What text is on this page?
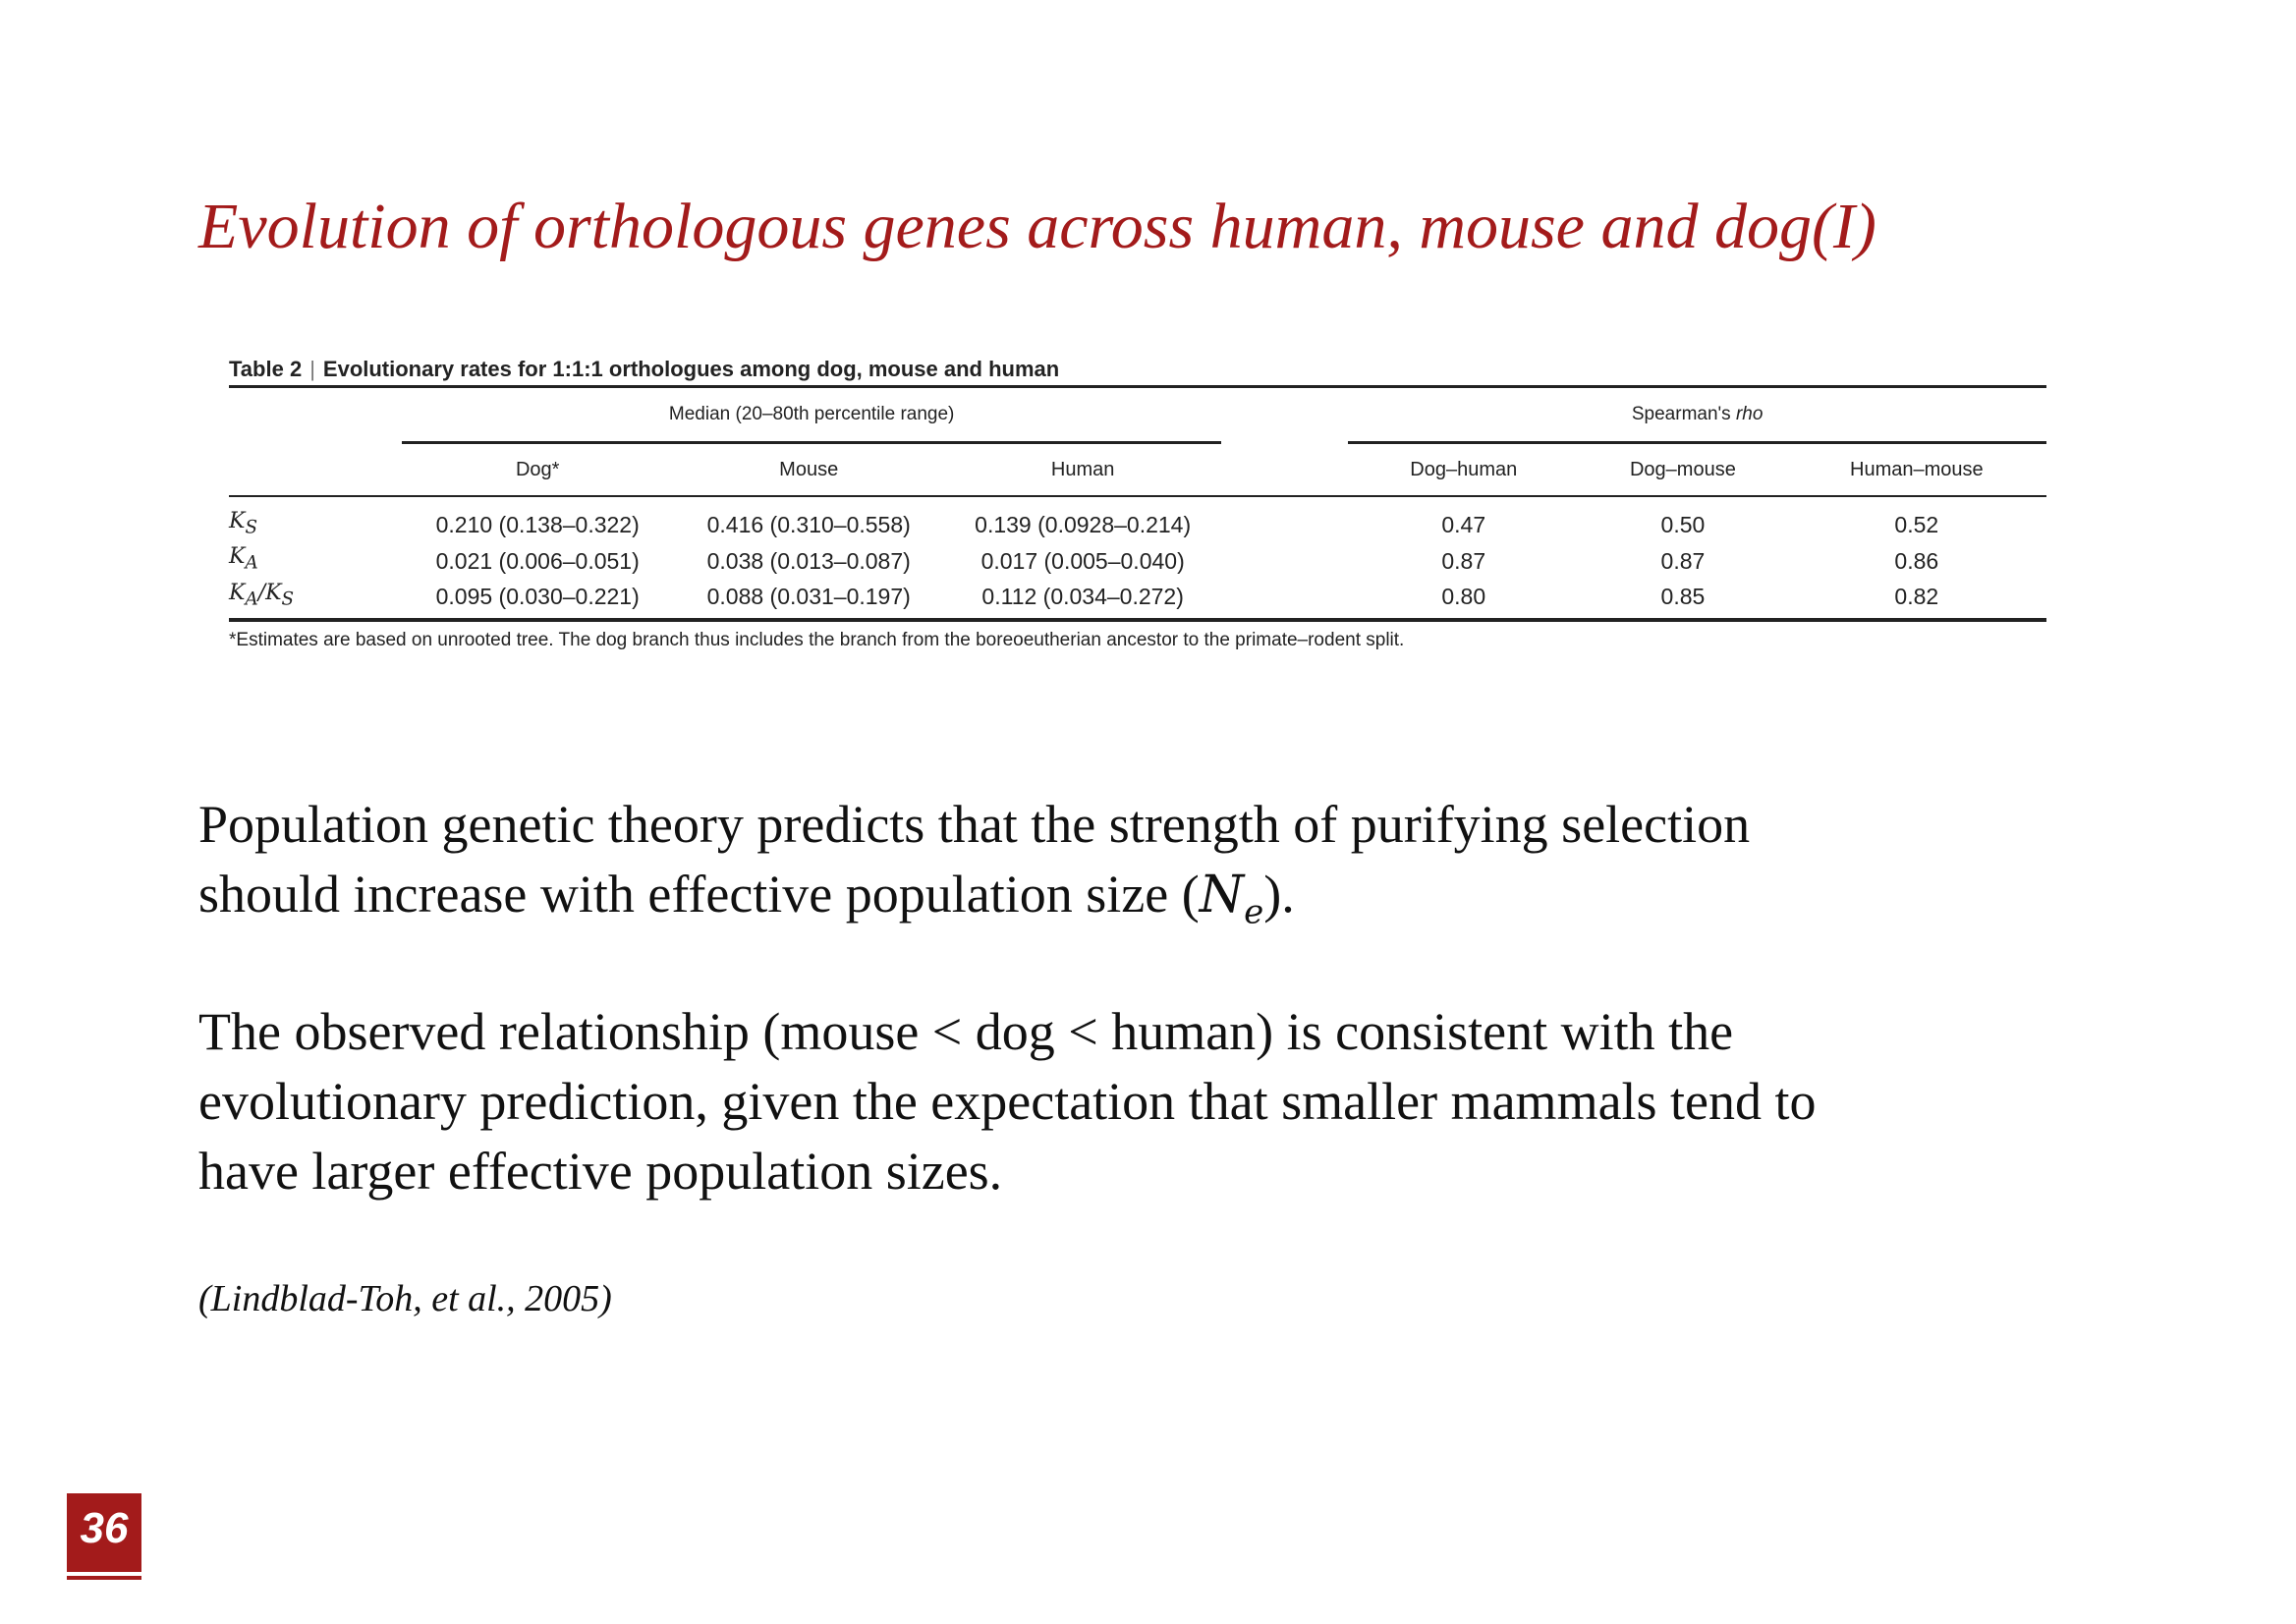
Evolution of orthologous genes across human, mouse and dog(I)
Table 2 | Evolutionary rates for 1:1:1 orthologues among dog, mouse and human
	Median (20–80th percentile range)				Spearman's rho		
	Dog*	Mouse	Human		Dog–human	Dog–mouse	Human–mouse
$K_S$	0.210 (0.138–0.322)	0.416 (0.310–0.558)	0.139 (0.0928–0.214)		0.47	0.50	0.52
$K_A$	0.021 (0.006–0.051)	0.038 (0.013–0.087)	0.017 (0.005–0.040)		0.87	0.87	0.86
$K_A/K_S$	0.095 (0.030–0.221)	0.088 (0.031–0.197)	0.112 (0.034–0.272)		0.80	0.85	0.82
*Estimates are based on unrooted tree. The dog branch thus includes the branch from the boreoeutherian ancestor to the primate–rodent split.
Population genetic theory predicts that the strength of purifying selection
should increase with effective population size $(N_e)$.
The observed relationship (mouse < dog < human) is consistent with the
evolutionary prediction, given the expectation that smaller mammals tend to
have larger effective population sizes.
(Lindblad-Toh, et al., 2005)
36
